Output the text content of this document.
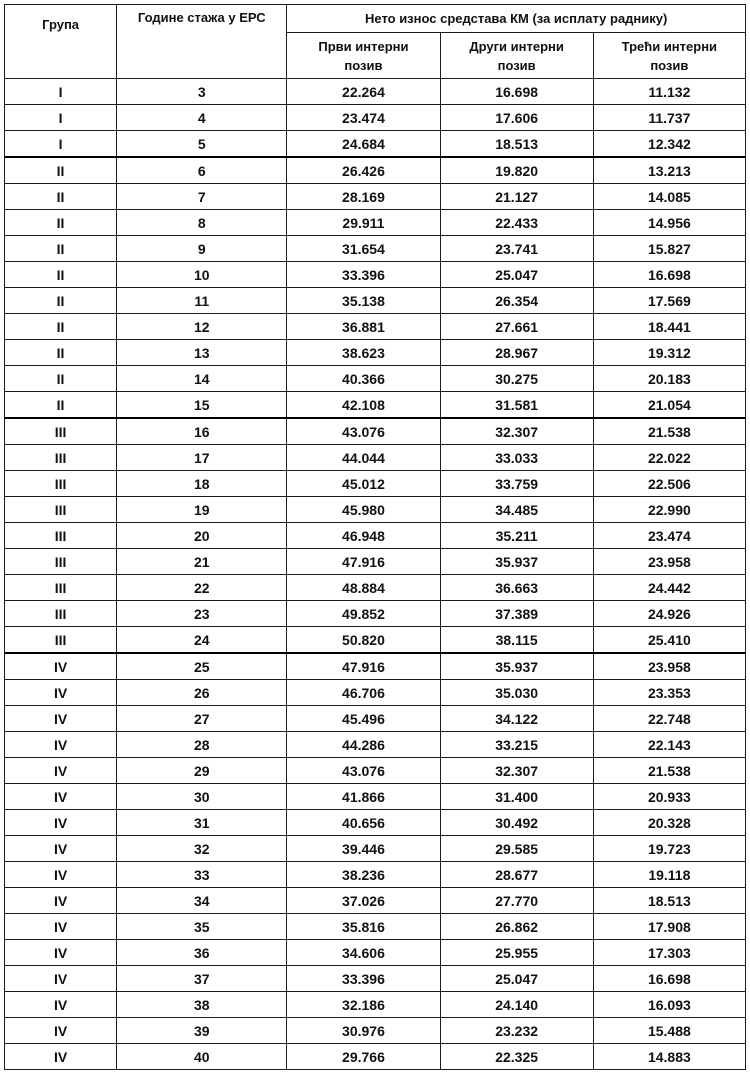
Група	Године стажа у ЕРС	Нето износ средстава КМ (за исплату раднику)		

		Први интерни позив	Други интерни позив	Трећи интерни позив

I	3	22.264	16.698	11.132
I	4	23.474	17.606	11.737
I	5	24.684	18.513	12.342
II	6	26.426	19.820	13.213
II	7	28.169	21.127	14.085
II	8	29.911	22.433	14.956
II	9	31.654	23.741	15.827
II	10	33.396	25.047	16.698
II	11	35.138	26.354	17.569
II	12	36.881	27.661	18.441
II	13	38.623	28.967	19.312
II	14	40.366	30.275	20.183
II	15	42.108	31.581	21.054
III	16	43.076	32.307	21.538
III	17	44.044	33.033	22.022
III	18	45.012	33.759	22.506
III	19	45.980	34.485	22.990
III	20	46.948	35.211	23.474
III	21	47.916	35.937	23.958
III	22	48.884	36.663	24.442
III	23	49.852	37.389	24.926
III	24	50.820	38.115	25.410
IV	25	47.916	35.937	23.958
IV	26	46.706	35.030	23.353
IV	27	45.496	34.122	22.748
IV	28	44.286	33.215	22.143
IV	29	43.076	32.307	21.538
IV	30	41.866	31.400	20.933
IV	31	40.656	30.492	20.328
IV	32	39.446	29.585	19.723
IV	33	38.236	28.677	19.118
IV	34	37.026	27.770	18.513
IV	35	35.816	26.862	17.908
IV	36	34.606	25.955	17.303
IV	37	33.396	25.047	16.698
IV	38	32.186	24.140	16.093
IV	39	30.976	23.232	15.488
IV	40	29.766	22.325	14.883
